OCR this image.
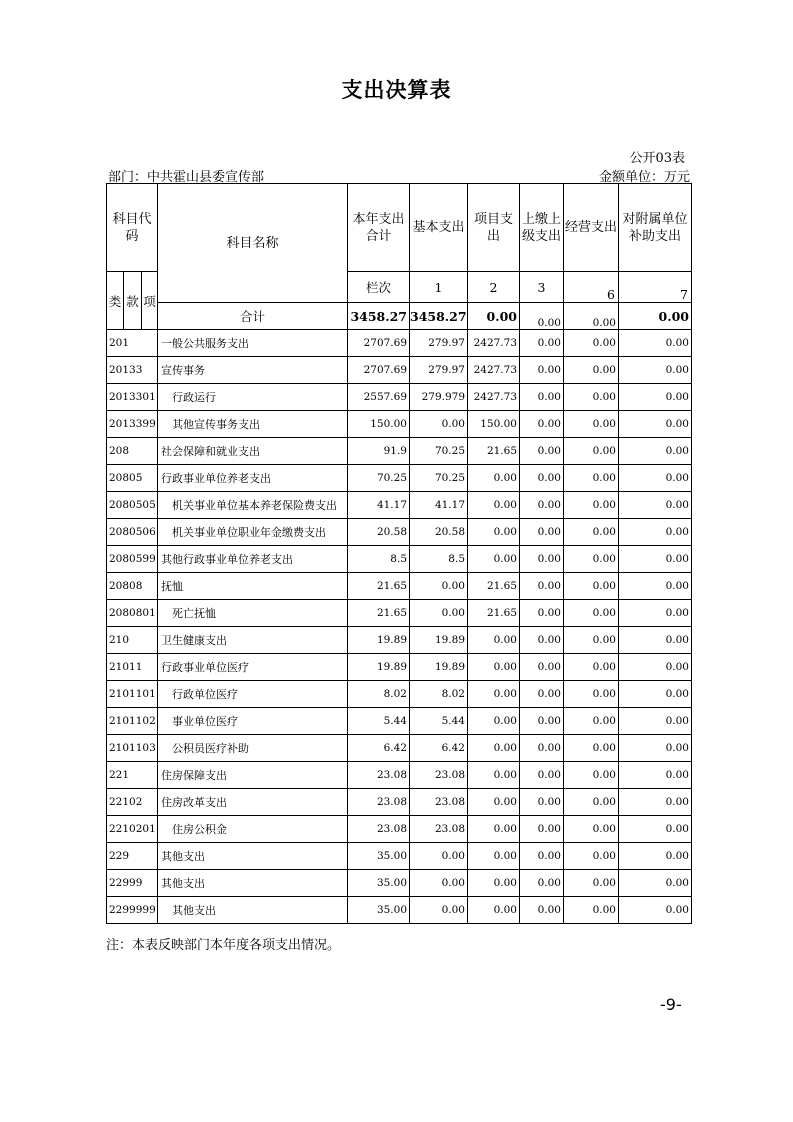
支出决算表
公开03表
部门：中共霍山县委宣传部	金额单位：万元
科目代码			科目名称	本年支出合计	基本支出	项目支出	上缴上级支出	经营支出	对附属单位补助支出	
类	款	项		栏次	1	2	3	6	7	
			合计	3458.27	3458.27	0.00	0.00	0.00	0.00	
201			一般公共服务支出	2707.69	279.97	2427.73	0.00	0.00	0.00	
20133			宣传事务	2707.69	279.97	2427.73	0.00	0.00	0.00	
2013301			行政运行	2557.69	279.979	2427.73	0.00	0.00	0.00	
2013399			其他宣传事务支出	150.00	0.00	150.00	0.00	0.00	0.00	
208			社会保障和就业支出	91.9	70.25	21.65	0.00	0.00	0.00	
20805			行政事业单位养老支出	70.25	70.25	0.00	0.00	0.00	0.00	
2080505			机关事业单位基本养老保险费支出	41.17	41.17	0.00	0.00	0.00	0.00	
2080506			机关事业单位职业年金缴费支出	20.58	20.58	0.00	0.00	0.00	0.00	
2080599			其他行政事业单位养老支出	8.5	8.5	0.00	0.00	0.00	0.00	
20808			抚恤	21.65	0.00	21.65	0.00	0.00	0.00	
2080801			死亡抚恤	21.65	0.00	21.65	0.00	0.00	0.00	
210			卫生健康支出	19.89	19.89	0.00	0.00	0.00	0.00	
21011			行政事业单位医疗	19.89	19.89	0.00	0.00	0.00	0.00	
2101101			行政单位医疗	8.02	8.02	0.00	0.00	0.00	0.00	
2101102			事业单位医疗	5.44	5.44	0.00	0.00	0.00	0.00	
2101103			公积员医疗补助	6.42	6.42	0.00	0.00	0.00	0.00	
221			住房保障支出	23.08	23.08	0.00	0.00	0.00	0.00	
22102			住房改革支出	23.08	23.08	0.00	0.00	0.00	0.00	
2210201			住房公积金	23.08	23.08	0.00	0.00	0.00	0.00	
229			其他支出	35.00	0.00	0.00	0.00	0.00	0.00	
22999			其他支出	35.00	0.00	0.00	0.00	0.00	0.00	
2299999			其他支出	35.00	0.00	0.00	0.00	0.00	0.00	
注：本表反映部门本年度各项支出情况。
-9-
